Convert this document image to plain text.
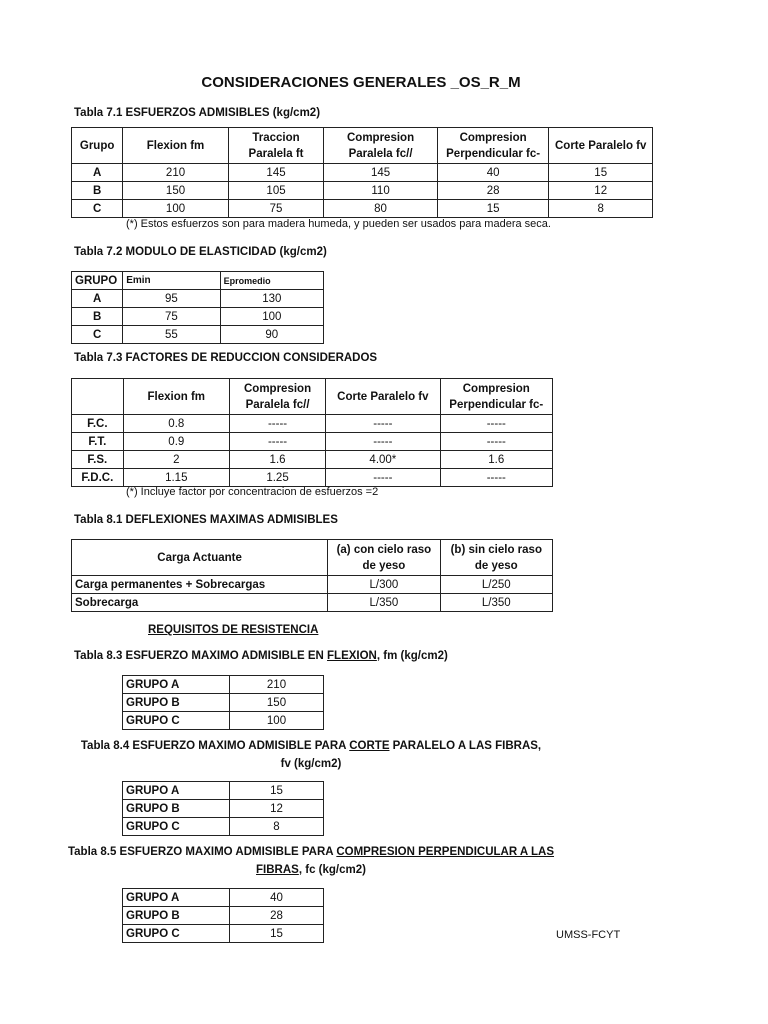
CONSIDERACIONES GENERALES _OS_R_M
Tabla 7.1 ESFUERZOS ADMISIBLES (kg/cm2)
Grupo	Flexion fm	Traccion Paralela ft	Compresion Paralela fc//	Compresion Perpendicular fc-	Corte Paralelo fv
A	210	145	145	40	15
B	150	105	110	28	12
C	100	75	80	15	8
(*) Estos esfuerzos son para madera humeda, y pueden ser usados para madera seca.
Tabla 7.2 MODULO DE ELASTICIDAD (kg/cm2)
GRUPO	Emin	Epromedio
A	95	130
B	75	100
C	55	90
Tabla 7.3 FACTORES DE REDUCCION CONSIDERADOS
	Flexion fm	Compresion Paralela fc//	Corte Paralelo fv	Compresion Perpendicular fc-
F.C.	0.8	-----	-----	-----
F.T.	0.9	-----	-----	-----
F.S.	2	1.6	4.00*	1.6
F.D.C.	1.15	1.25	-----	-----
(*) Incluye factor por concentracion de esfuerzos =2
Tabla 8.1 DEFLEXIONES MAXIMAS ADMISIBLES
Carga Actuante	(a) con cielo raso de yeso	(b) sin cielo raso de yeso
Carga permanentes + Sobrecargas	L/300	L/250
Sobrecarga	L/350	L/350
REQUISITOS DE RESISTENCIA
Tabla 8.3 ESFUERZO MAXIMO ADMISIBLE EN FLEXION, fm (kg/cm2)
GRUPO A	210
GRUPO B	150
GRUPO C	100
Tabla 8.4 ESFUERZO MAXIMO ADMISIBLE PARA CORTE PARALELO A LAS FIBRAS,
fv (kg/cm2)
GRUPO A	15
GRUPO B	12
GRUPO C	8
Tabla 8.5 ESFUERZO MAXIMO ADMISIBLE PARA COMPRESION PERPENDICULAR A LAS
FIBRAS, fc (kg/cm2)
GRUPO A	40
GRUPO B	28
GRUPO C	15	UMSS-FCYT
